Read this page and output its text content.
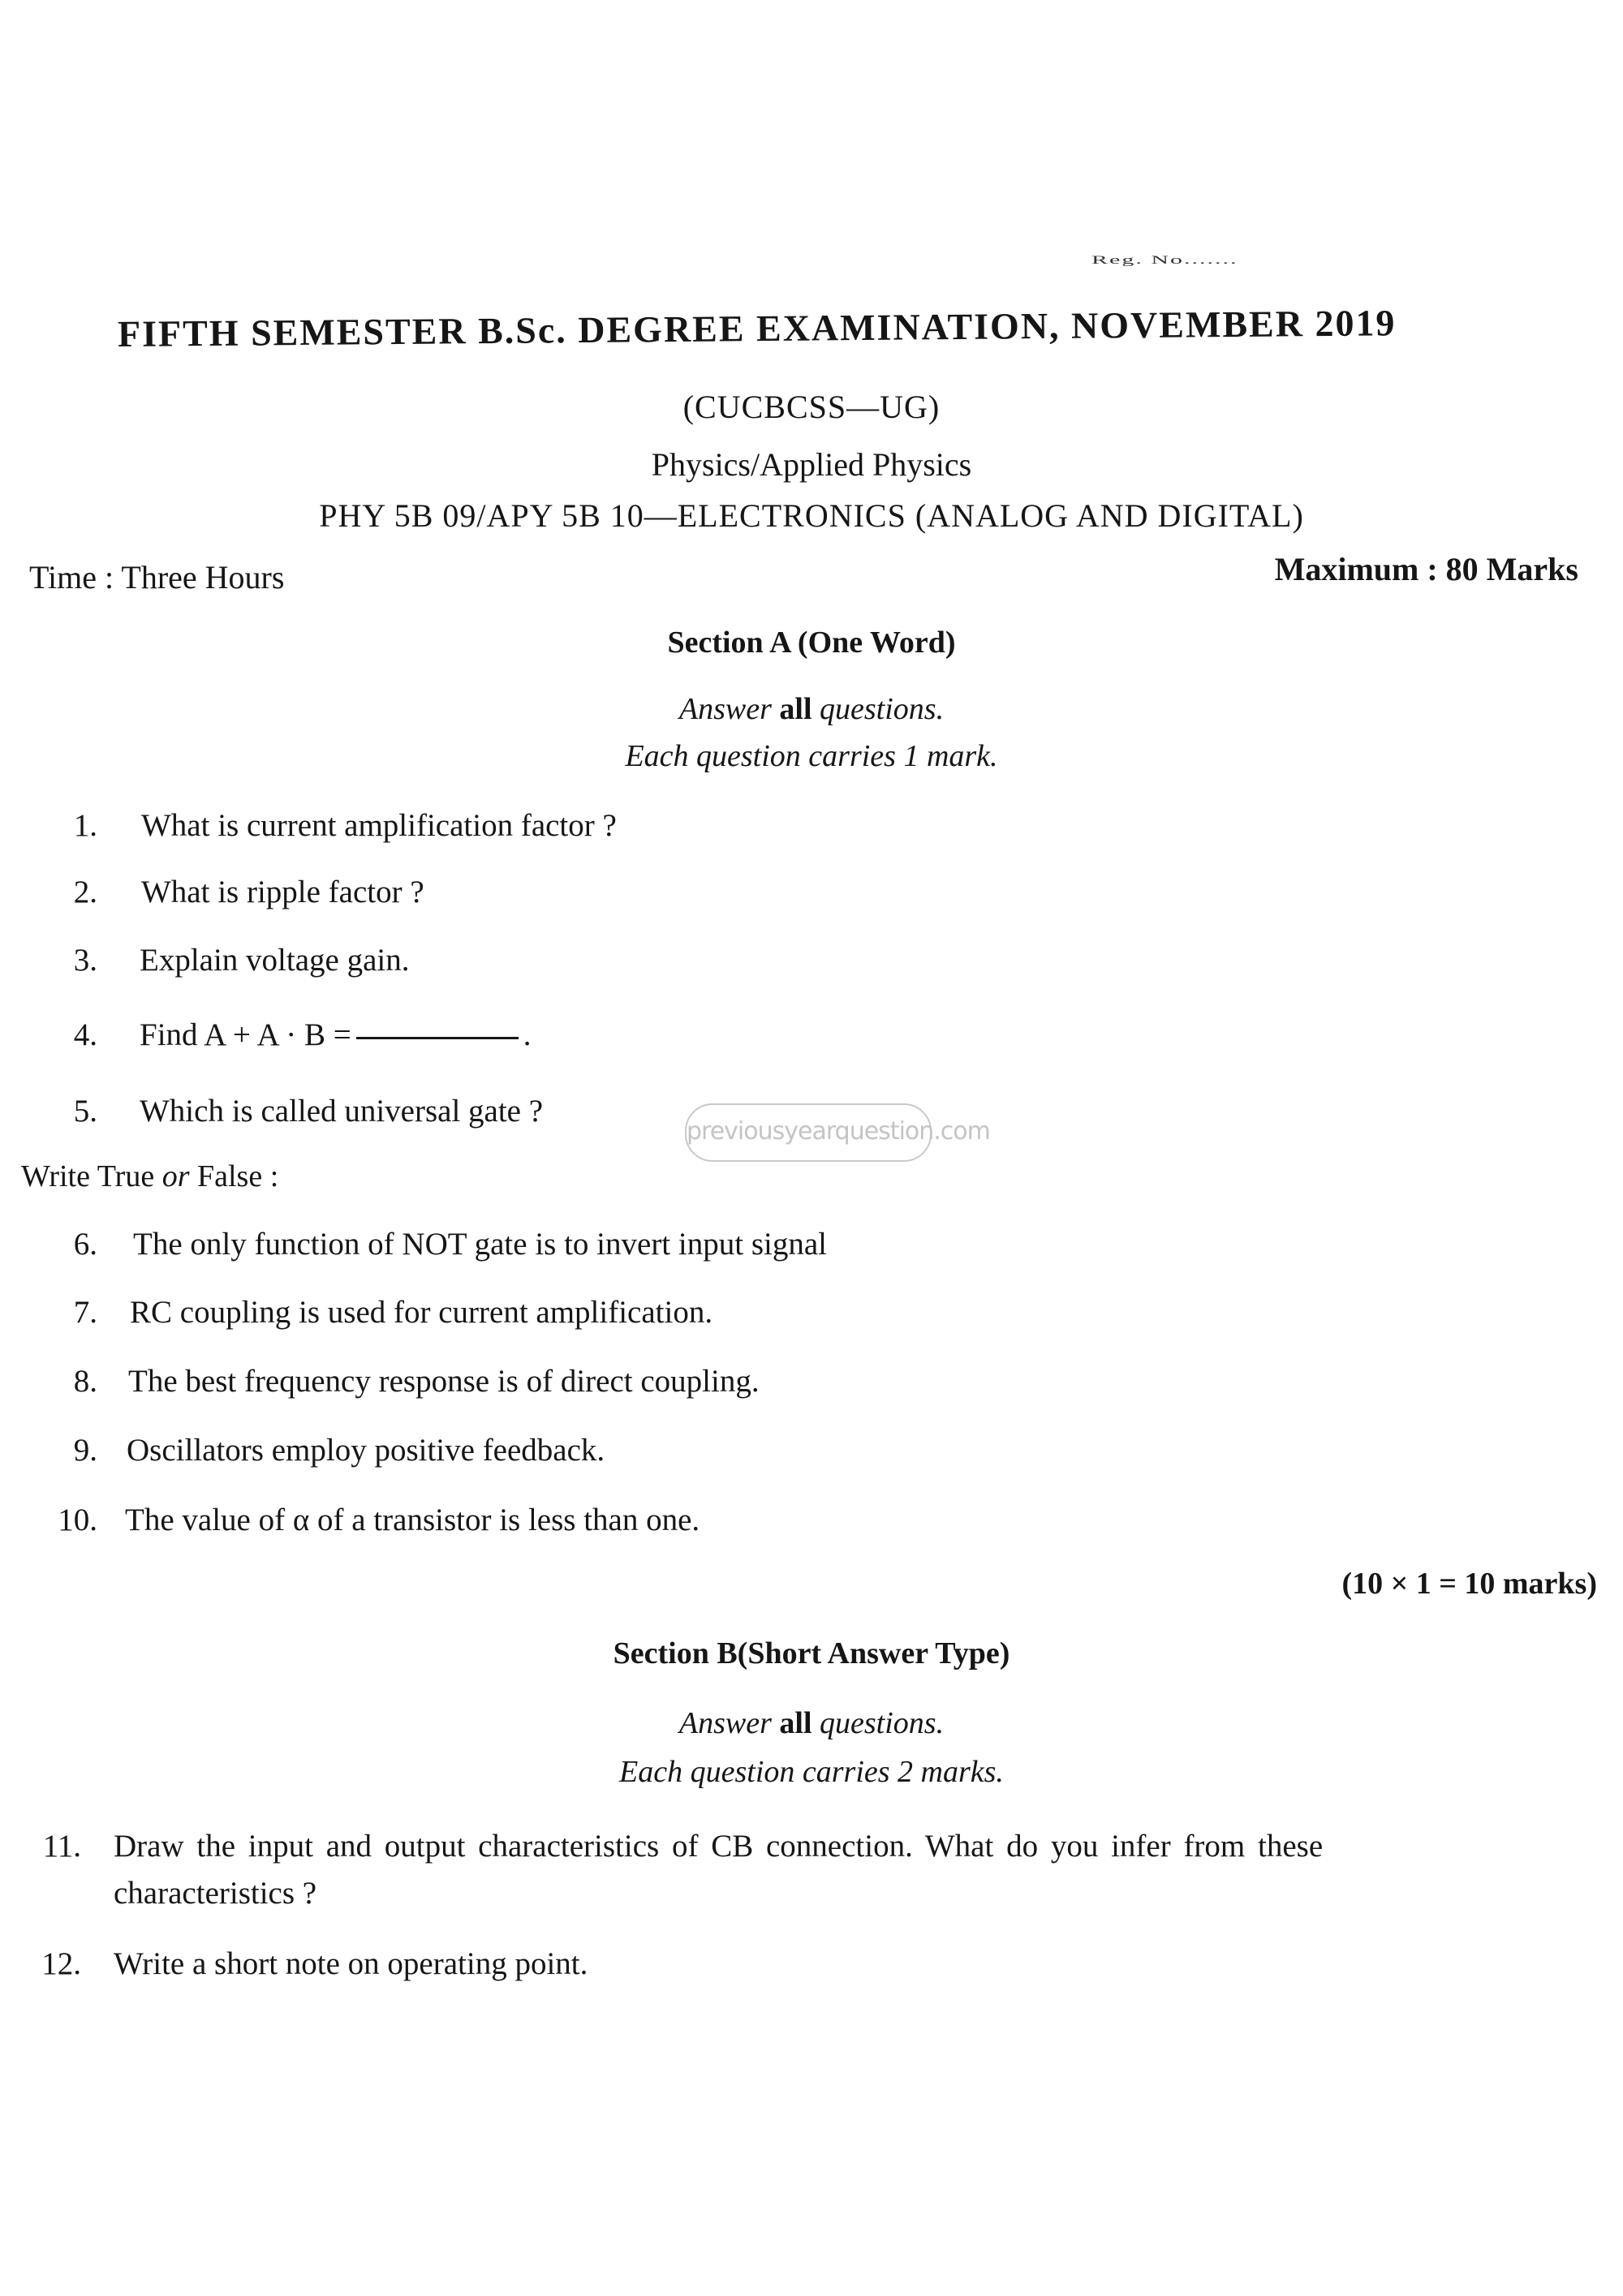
Reg. No.......
FIFTH SEMESTER B.Sc. DEGREE EXAMINATION, NOVEMBER 2019
(CUCBCSS—UG)
Physics/Applied Physics
PHY 5B 09/APY 5B 10—ELECTRONICS (ANALOG AND DIGITAL)
Time : Three Hours	Maximum : 80 Marks
Section A (One Word)
Answer all questions.
Each question carries 1 mark.
1. What is current amplification factor ?
2. What is ripple factor ?
3. Explain voltage gain.
4. Find A + A · B =	.
5. Which is called universal gate ?
previousyearquestion.com
Write True or False :
6. The only function of NOT gate is to invert input signal
7. RC coupling is used for current amplification.
8. The best frequency response is of direct coupling.
9. Oscillators employ positive feedback.
10. The value of α of a transistor is less than one.
(10 × 1 = 10 marks)
Section B(Short Answer Type)
Answer all questions.
Each question carries 2 marks.
11. Draw the input and output characteristics of CB connection. What do you infer from these
characteristics ?
12. Write a short note on operating point.
